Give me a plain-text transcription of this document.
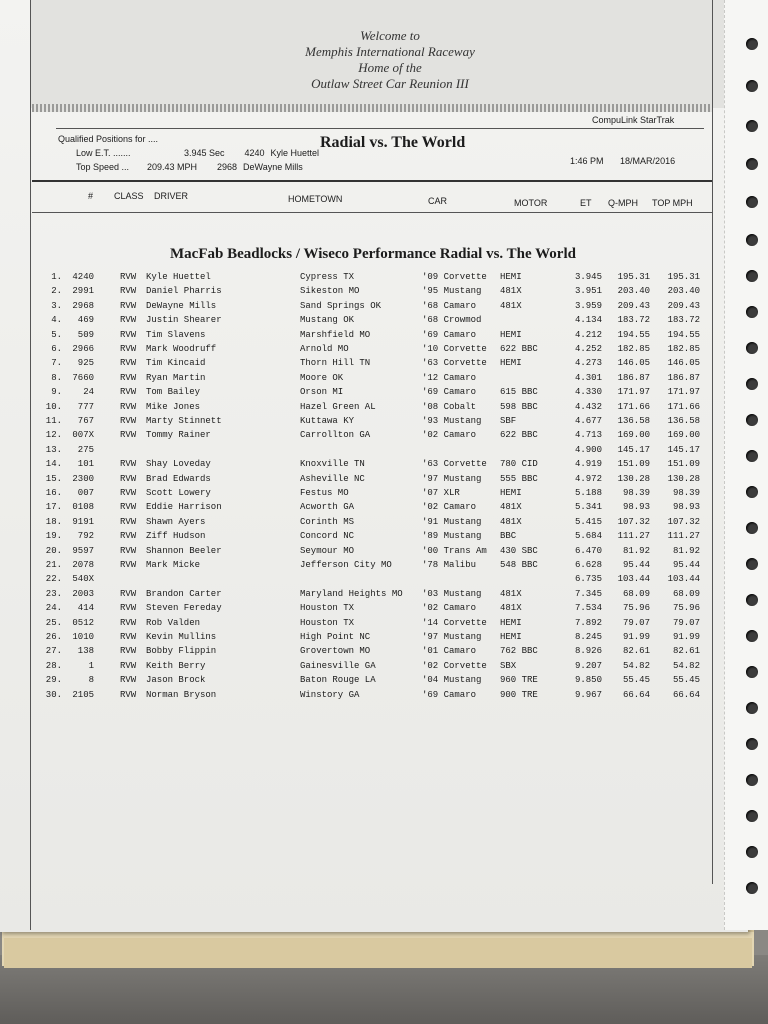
Welcome to
Memphis International Raceway
Home of the
Outlaw Street Car Reunion III
CompuLink StarTrak
Qualified Positions for ....
Low E.T. .......	3.945 Sec	4240 Kyle Huettel
Top Speed ...	209.43 MPH	2968 DeWayne Mills
Radial vs. The World
1:46 PM 18/MAR/2016
# CLASS DRIVER	HOMETOWN	CAR	MOTOR	ET Q-MPH TOP MPH
MacFab Beadlocks / Wiseco Performance Radial vs. The World
1.	4240	RVW Kyle Huettel	Cypress TX	'09 Corvette HEMI	3.945	195.31	195.31
2.	2991	RVW Daniel Pharris	Sikeston MO	'95 Mustang 481X	3.951	203.40	203.40
3.	2968	RVW DeWayne Mills	Sand Springs OK	'68 Camaro	481X	3.959	209.43	209.43
4.	469	RVW Justin Shearer	Mustang OK	'68 Crowmod	4.134	183.72	183.72
5.	509	RVW Tim Slavens	Marshfield MO	'69 Camaro	HEMI	4.212	194.55	194.55
6.	2966	RVW Mark Woodruff	Arnold MO	'10 Corvette 622 BBC	4.252	182.85	182.85
7.	925	RVW Tim Kincaid	Thorn Hill TN	'63 Corvette HEMI	4.273	146.05	146.05
8.	7660	RVW Ryan Martin	Moore OK	'12 Camaro	4.301	186.87	186.87
9.	24	RVW Tom Bailey	Orson MI	'69 Camaro	615 BBC	4.330	171.97	171.97
10.	777	RVW Mike Jones	Hazel Green AL	'08 Cobalt	598 BBC	4.432	171.66	171.66
11.	767	RVW Marty Stinnett	Kuttawa KY	'93 Mustang SBF	4.677	136.58	136.58
12.	007X	RVW Tommy Rainer	Carrollton GA	'02 Camaro	622 BBC	4.713	169.00	169.00
13.	275	4.900	145.17	145.17
14.	101	RVW Shay Loveday	Knoxville TN	'63 Corvette 780 CID	4.919	151.09	151.09
15.	2300	RVW Brad Edwards	Asheville NC	'97 Mustang 555 BBC	4.972	130.28	130.28
16.	007	RVW Scott Lowery	Festus MO	'07 XLR	HEMI	5.188	98.39	98.39
17.	0108	RVW Eddie Harrison	Acworth GA	'02 Camaro	481X	5.341	98.93	98.93
18.	9191	RVW Shawn Ayers	Corinth MS	'91 Mustang 481X	5.415	107.32	107.32
19.	792	RVW Ziff Hudson	Concord NC	'89 Mustang BBC	5.684	111.27	111.27
20.	9597	RVW Shannon Beeler	Seymour MO	'00 Trans Am 430 SBC	6.470	81.92	81.92
21.	2078	RVW Mark Micke	Jefferson City MO	'78 Malibu	548 BBC	6.628	95.44	95.44
22.	540X	6.735	103.44	103.44
23.	2003	RVW Brandon Carter	Maryland Heights MO '03 Mustang 481X	7.345	68.09	68.09
24.	414	RVW Steven Fereday	Houston TX	'02 Camaro	481X	7.534	75.96	75.96
25.	0512	RVW Rob Valden	Houston TX	'14 Corvette HEMI	7.892	79.07	79.07
26.	1010	RVW Kevin Mullins	High Point NC	'97 Mustang HEMI	8.245	91.99	91.99
27.	138	RVW Bobby Flippin	Grovertown MO	'01 Camaro	762 BBC	8.926	82.61	82.61
28.	1	RVW Keith Berry	Gainesville GA	'02 Corvette SBX	9.207	54.82	54.82
29.	8	RVW Jason Brock	Baton Rouge LA	'04 Mustang 960 TRE	9.850	55.45	55.45
30.	2105	RVW Norman Bryson	Winstory GA	'69 Camaro	900 TRE	9.967	66.64	66.64
